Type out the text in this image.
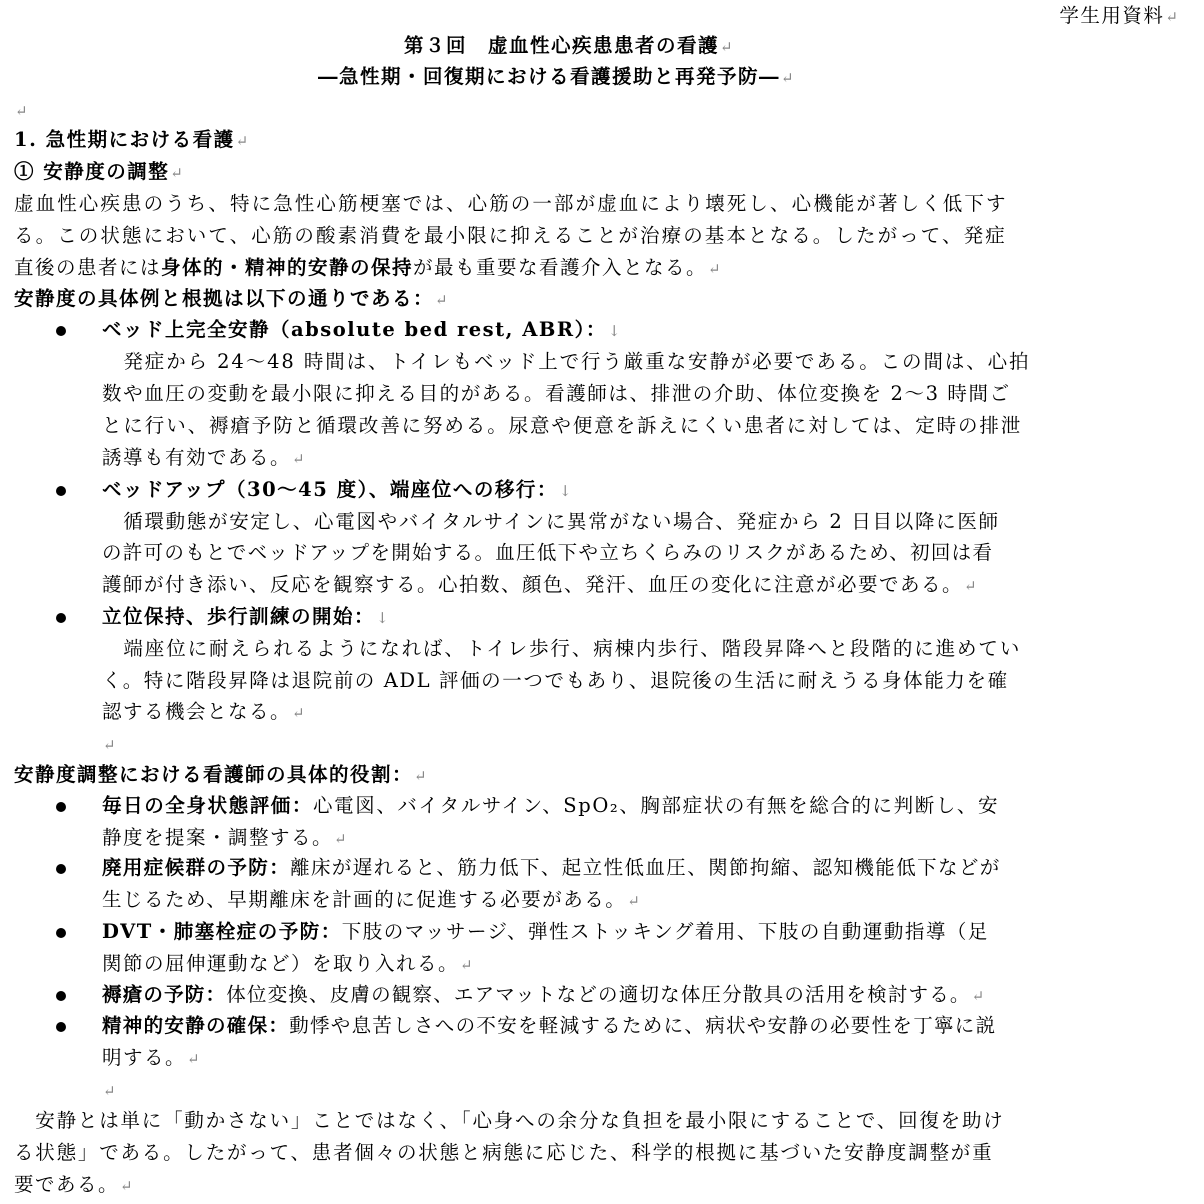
学生用資料↵
第３回　虚血性心疾患患者の看護↵
―急性期・回復期における看護援助と再発予防―↵
↵
1. 急性期における看護↵
① 安静度の調整↵
虚血性心疾患のうち、特に急性心筋梗塞では、心筋の一部が虚血により壊死し、心機能が著しく低下す
る。この状態において、心筋の酸素消費を最小限に抑えることが治療の基本となる。したがって、発症
直後の患者には身体的・精神的安静の保持が最も重要な看護介入となる。↵
安静度の具体例と根拠は以下の通りである：↵
ベッド上完全安静（absolute bed rest, ABR）：↓
　発症から 24〜48 時間は、トイレもベッド上で行う厳重な安静が必要である。この間は、心拍
数や血圧の変動を最小限に抑える目的がある。看護師は、排泄の介助、体位変換を 2〜3 時間ご
とに行い、褥瘡予防と循環改善に努める。尿意や便意を訴えにくい患者に対しては、定時の排泄
誘導も有効である。↵
ベッドアップ（30〜45 度）、端座位への移行：↓
　循環動態が安定し、心電図やバイタルサインに異常がない場合、発症から 2 日目以降に医師
の許可のもとでベッドアップを開始する。血圧低下や立ちくらみのリスクがあるため、初回は看
護師が付き添い、反応を観察する。心拍数、顔色、発汗、血圧の変化に注意が必要である。↵
立位保持、歩行訓練の開始：↓
　端座位に耐えられるようになれば、トイレ歩行、病棟内歩行、階段昇降へと段階的に進めてい
く。特に階段昇降は退院前の ADL 評価の一つでもあり、退院後の生活に耐えうる身体能力を確
認する機会となる。↵
↵
安静度調整における看護師の具体的役割：↵
毎日の全身状態評価：心電図、バイタルサイン、SpO₂、胸部症状の有無を総合的に判断し、安
静度を提案・調整する。↵
廃用症候群の予防：離床が遅れると、筋力低下、起立性低血圧、関節拘縮、認知機能低下などが
生じるため、早期離床を計画的に促進する必要がある。↵
DVT・肺塞栓症の予防：下肢のマッサージ、弾性ストッキング着用、下肢の自動運動指導（足
関節の屈伸運動など）を取り入れる。↵
褥瘡の予防：体位変換、皮膚の観察、エアマットなどの適切な体圧分散具の活用を検討する。↵
精神的安静の確保：動悸や息苦しさへの不安を軽減するために、病状や安静の必要性を丁寧に説
明する。↵
↵
　安静とは単に「動かさない」ことではなく、「心身への余分な負担を最小限にすることで、回復を助け
る状態」である。したがって、患者個々の状態と病態に応じた、科学的根拠に基づいた安静度調整が重
要である。↵
